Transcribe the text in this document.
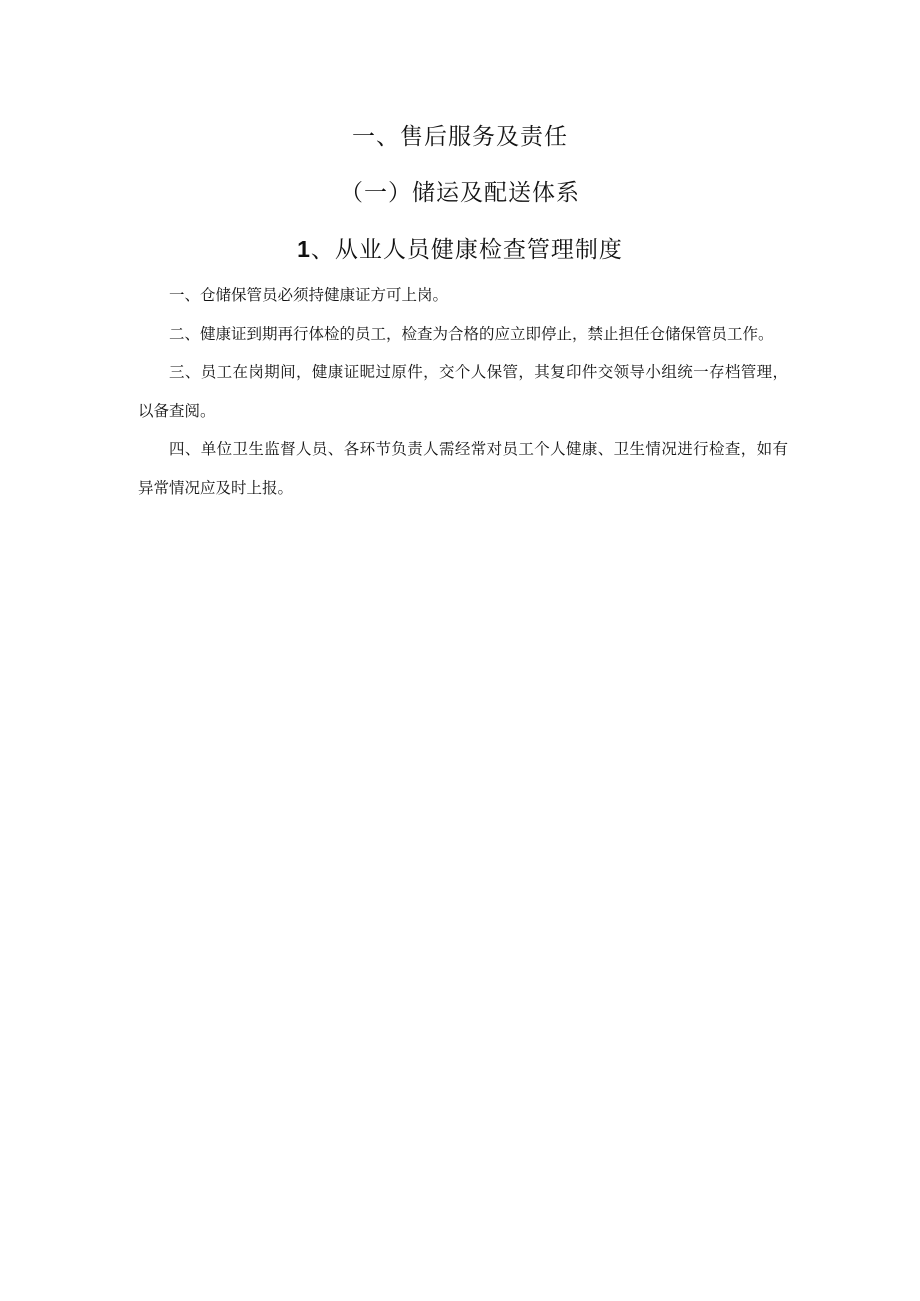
一、售后服务及责任
（一）储运及配送体系
1、从业人员健康检查管理制度

一、仓储保管员必须持健康证方可上岗。

二、健康证到期再行体检的员工，检查为合格的应立即停止，禁止担任仓储保管员工作。

三、员工在岗期间，健康证昵过原件，交个人保管，其复印件交领导小组统一存档管理，以备查阅。

四、单位卫生监督人员、各环节负责人需经常对员工个人健康、卫生情况进行检查，如有异常情况应及时上报。
